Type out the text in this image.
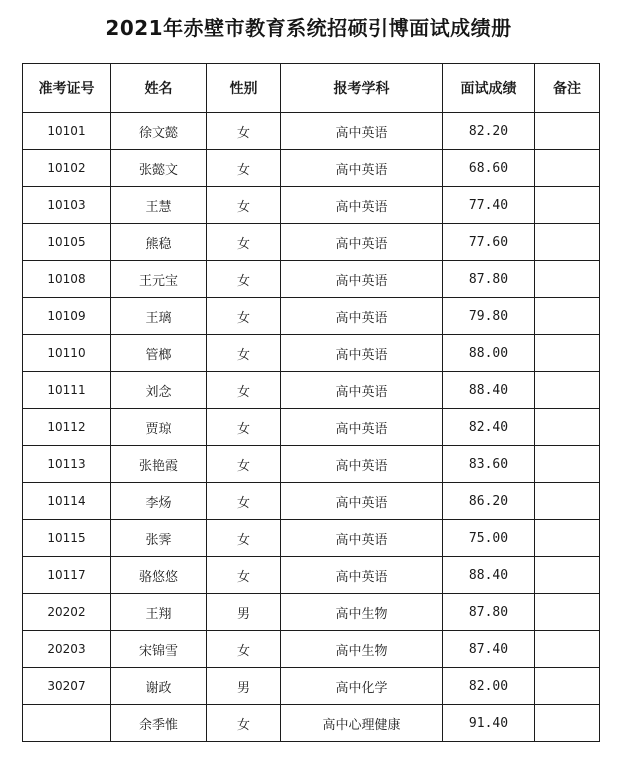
2021年赤壁市教育系统招硕引博面试成绩册
准考证号	姓名	性别	报考学科	面试成绩	备注
10101	徐文懿	女	高中英语	82.20	
10102	张懿文	女	高中英语	68.60	
10103	王慧	女	高中英语	77.40	
10105	熊稳	女	高中英语	77.60	
10108	王元宝	女	高中英语	87.80	
10109	王璃	女	高中英语	79.80	
10110	管榔	女	高中英语	88.00	
10111	刘念	女	高中英语	88.40	
10112	贾琼	女	高中英语	82.40	
10113	张艳霞	女	高中英语	83.60	
10114	李炀	女	高中英语	86.20	
10115	张霁	女	高中英语	75.00	
10117	骆悠悠	女	高中英语	88.40	
20202	王翔	男	高中生物	87.80	
20203	宋锦雪	女	高中生物	87.40	
30207	谢政	男	高中化学	82.00	
	余季惟	女	高中心理健康	91.40	
